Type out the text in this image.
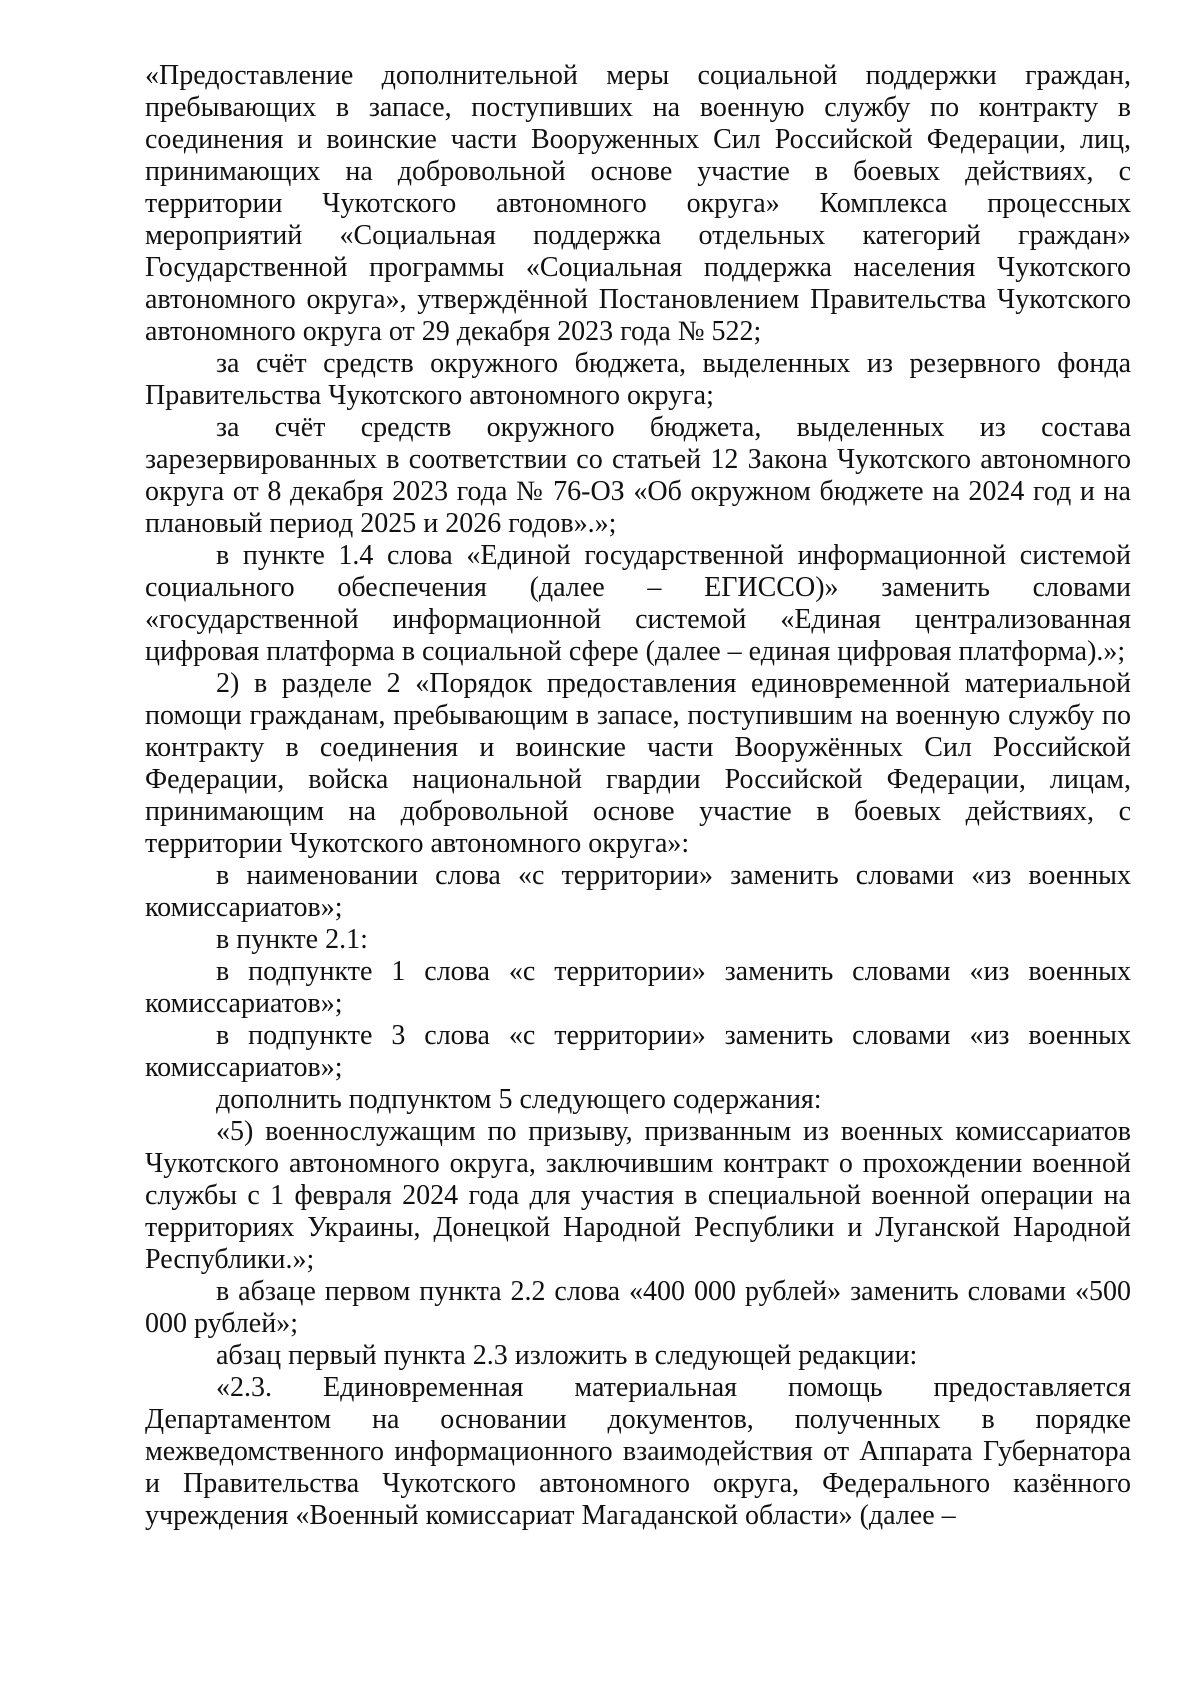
«Предоставление дополнительной меры социальной поддержки граждан, пребывающих в запасе, поступивших на военную службу по контракту в соединения и воинские части Вооруженных Сил Российской Федерации, лиц, принимающих на добровольной основе участие в боевых действиях, с территории Чукотского автономного округа» Комплекса процессных мероприятий «Социальная поддержка отдельных категорий граждан» Государственной программы «Социальная поддержка населения Чукотского автономного округа», утверждённой Постановлением Правительства Чукотского автономного округа от 29 декабря 2023 года № 522;

за счёт средств окружного бюджета, выделенных из резервного фонда Правительства Чукотского автономного округа;

за счёт средств окружного бюджета, выделенных из состава зарезервированных в соответствии со статьей 12 Закона Чукотского автономного округа от 8 декабря 2023 года № 76-ОЗ «Об окружном бюджете на 2024 год и на плановый период 2025 и 2026 годов».»;

в пункте 1.4 слова «Единой государственной информационной системой социального обеспечения (далее – ЕГИССО)» заменить словами «государственной информационной системой «Единая централизованная цифровая платформа в социальной сфере (далее – единая цифровая платформа).»;

2) в разделе 2 «Порядок предоставления единовременной материальной помощи гражданам, пребывающим в запасе, поступившим на военную службу по контракту в соединения и воинские части Вооружённых Сил Российской Федерации, войска национальной гвардии Российской Федерации, лицам, принимающим на добровольной основе участие в боевых действиях, с территории Чукотского автономного округа»:

в наименовании слова «с территории» заменить словами «из военных комиссариатов»;

в пункте 2.1:

в подпункте 1 слова «с территории» заменить словами «из военных комиссариатов»;

в подпункте 3 слова «с территории» заменить словами «из военных комиссариатов»;

дополнить подпунктом 5 следующего содержания:

«5) военнослужащим по призыву, призванным из военных комиссариатов Чукотского автономного округа, заключившим контракт о прохождении военной службы с 1 февраля 2024 года для участия в специальной военной операции на территориях Украины, Донецкой Народной Республики и Луганской Народной Республики.»;

в абзаце первом пункта 2.2 слова «400 000 рублей» заменить словами «500 000 рублей»;

абзац первый пункта 2.3 изложить в следующей редакции:

«2.3. Единовременная материальная помощь предоставляется Департаментом на основании документов, полученных в порядке межведомственного информационного взаимодействия от Аппарата Губернатора и Правительства Чукотского автономного округа, Федерального казённого учреждения «Военный комиссариат Магаданской области» (далее –
